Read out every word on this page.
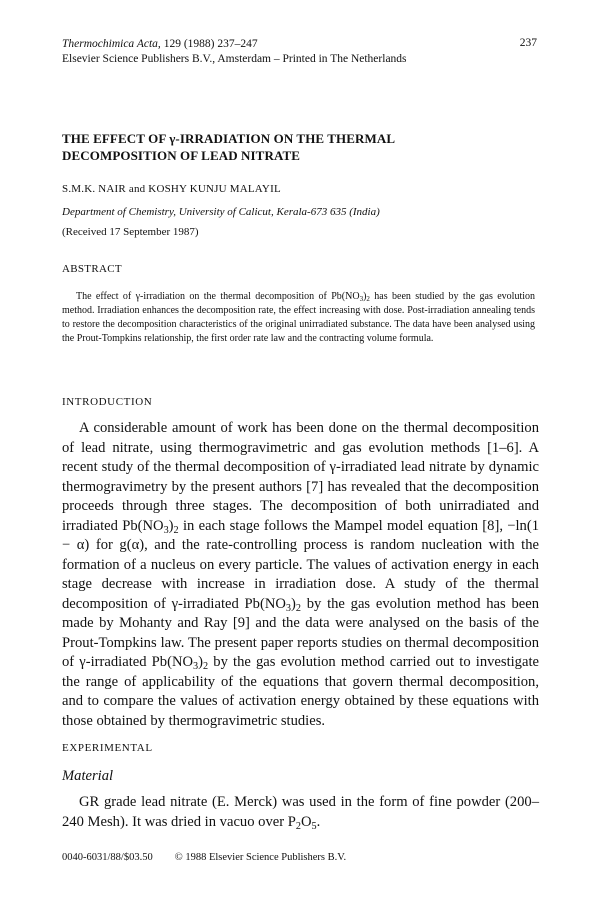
Thermochimica Acta, 129 (1988) 237–247
Elsevier Science Publishers B.V., Amsterdam – Printed in The Netherlands
237
THE EFFECT OF γ-IRRADIATION ON THE THERMAL
DECOMPOSITION OF LEAD NITRATE
S.M.K. NAIR and KOSHY KUNJU MALAYIL
Department of Chemistry, University of Calicut, Kerala-673 635 (India)
(Received 17 September 1987)
ABSTRACT

The effect of γ-irradiation on the thermal decomposition of $Pb(NO_3)_2$ has been studied by the gas evolution method. Irradiation enhances the decomposition rate, the effect increasing with dose. Post-irradiation annealing tends to restore the decomposition characteristics of the original unirradiated substance. The data have been analysed using the Prout-Tompkins relationship, the first order rate law and the contracting volume formula.

INTRODUCTION

A considerable amount of work has been done on the thermal decomposition of lead nitrate, using thermogravimetric and gas evolution methods [1–6]. A recent study of the thermal decomposition of γ-irradiated lead nitrate by dynamic thermogravimetry by the present authors [7] has revealed that the decomposition proceeds through three stages. The decomposition of both unirradiated and irradiated $Pb(NO_3)_2$ in each stage follows the Mampel model equation [8], −ln(1 − α) for g(α), and the rate-controlling process is random nucleation with the formation of a nucleus on every particle. The values of activation energy in each stage decrease with increase in irradiation dose. A study of the thermal decomposition of γ-irradiated $Pb(NO_3)_2$ by the gas evolution method has been made by Mohanty and Ray [9] and the data were analysed on the basis of the Prout-Tompkins law. The present paper reports studies on thermal decomposition of γ-irradiated $Pb(NO_3)_2$ by the gas evolution method carried out to investigate the range of applicability of the equations that govern thermal decomposition, and to compare the values of activation energy obtained by these equations with those obtained by thermogravimetric studies.

EXPERIMENTAL
Material

GR grade lead nitrate (E. Merck) was used in the form of fine powder (200–240 Mesh). It was dried in vacuo over $P_2O_5$.

0040-6031/88/$03.50 © 1988 Elsevier Science Publishers B.V.
